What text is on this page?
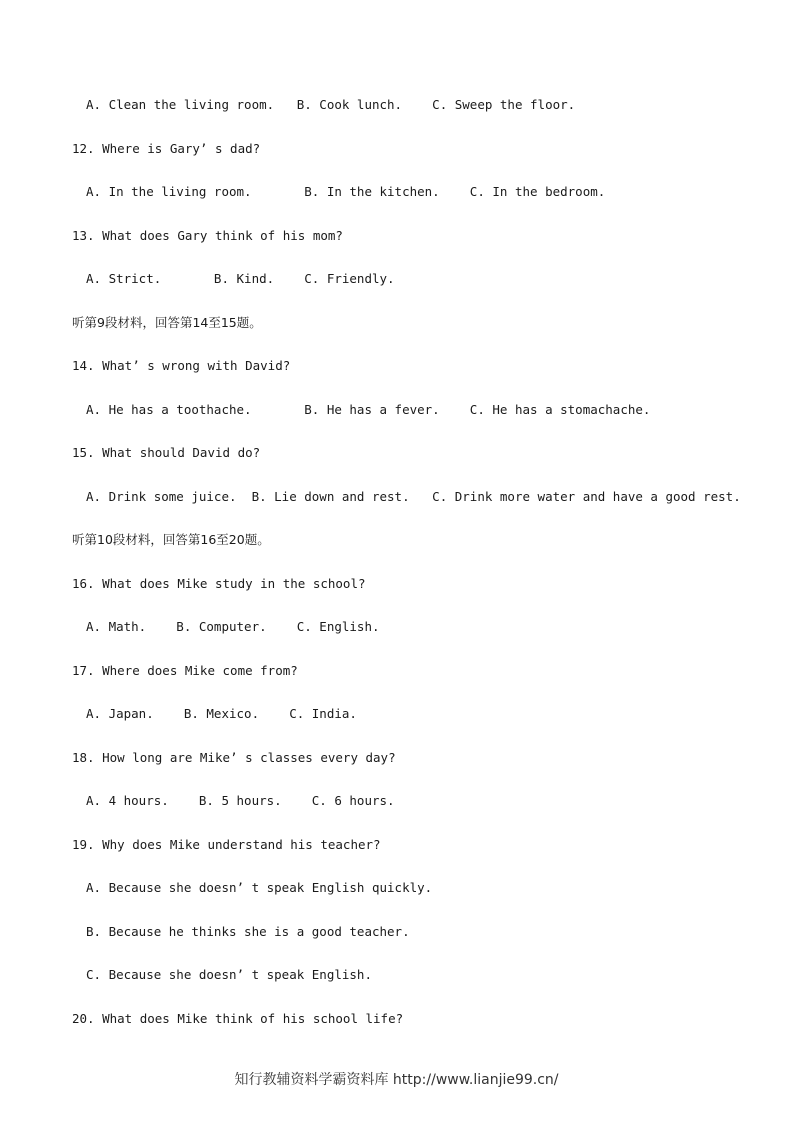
A. Clean the living room.   B. Cook lunch.    C. Sweep the floor.
12. Where is Gary’ s dad?
A. In the living room.       B. In the kitchen.    C. In the bedroom.
13. What does Gary think of his mom?
A. Strict.       B. Kind.    C. Friendly.
听第9段材料，回答第14至15题。
14. What’ s wrong with David?
A. He has a toothache.       B. He has a fever.    C. He has a stomachache.
15. What should David do?
A. Drink some juice.  B. Lie down and rest.   C. Drink more water and have a good rest.
听第10段材料，回答第16至20题。
16. What does Mike study in the school?
A. Math.    B. Computer.    C. English.
17. Where does Mike come from?
A. Japan.    B. Mexico.    C. India.
18. How long are Mike’ s classes every day?
A. 4 hours.    B. 5 hours.    C. 6 hours.
19. Why does Mike understand his teacher?
A. Because she doesn’ t speak English quickly.
B. Because he thinks she is a good teacher.
C. Because she doesn’ t speak English.
20. What does Mike think of his school life?
知行教辅资料学霸资料库 http://www.lianjie99.cn/
